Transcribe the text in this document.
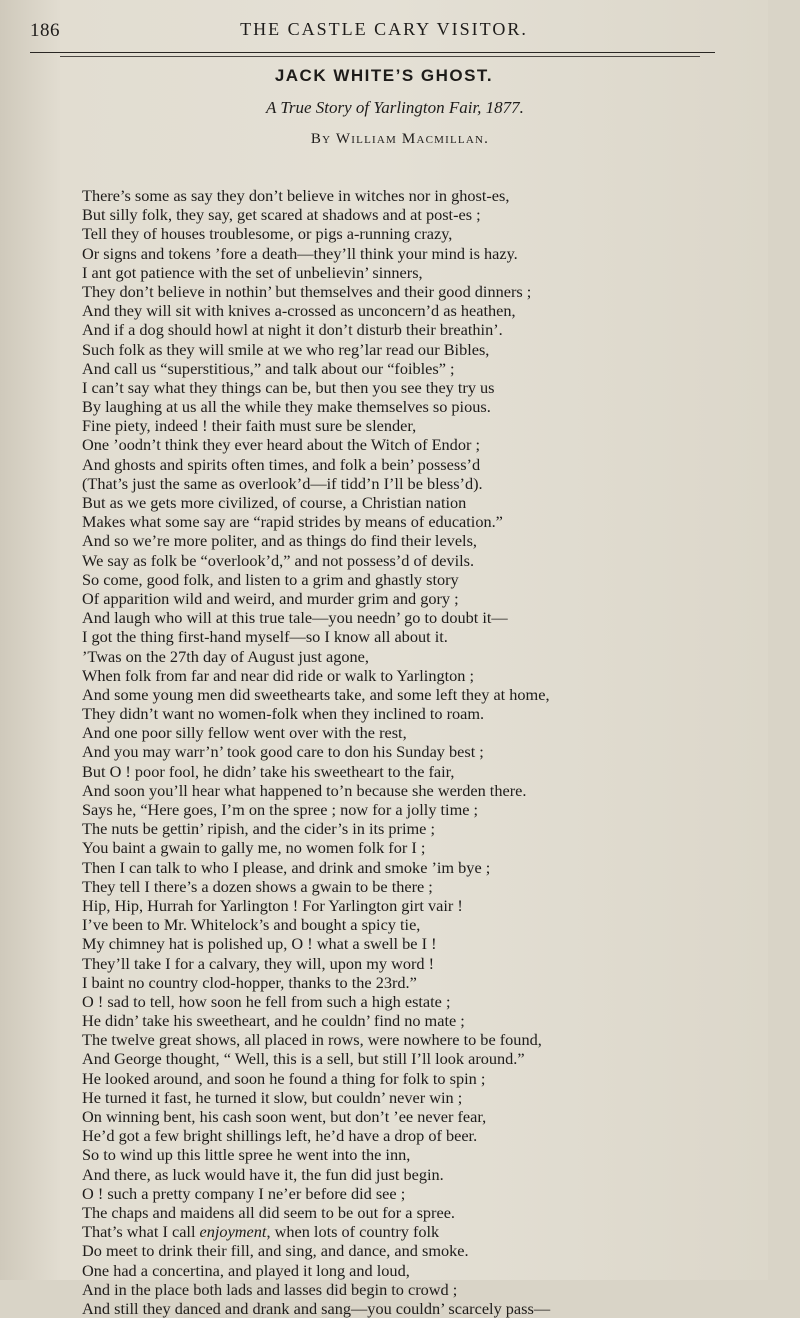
186	THE CASTLE CARY VISITOR.
JACK WHITE’S GHOST.
A True Story of Yarlington Fair, 1877.
By William Macmillan.
There’s some as say they don’t believe in witches nor in ghost-es,
But silly folk, they say, get scared at shadows and at post-es ;
Tell they of houses troublesome, or pigs a-running crazy,
Or signs and tokens ’fore a death—they’ll think your mind is hazy.
I ant got patience with the set of unbelievin’ sinners,
They don’t believe in nothin’ but themselves and their good dinners ;
And they will sit with knives a-crossed as unconcern’d as heathen,
And if a dog should howl at night it don’t disturb their breathin’.
Such folk as they will smile at we who reg’lar read our Bibles,
And call us “superstitious,” and talk about our “foibles” ;
I can’t say what they things can be, but then you see they try us
By laughing at us all the while they make themselves so pious.
Fine piety, indeed ! their faith must sure be slender,
One ’oodn’t think they ever heard about the Witch of Endor ;
And ghosts and spirits often times, and folk a bein’ possess’d
(That’s just the same as overlook’d—if tidd’n I’ll be bless’d).
But as we gets more civilized, of course, a Christian nation
Makes what some say are “rapid strides by means of education.”
And so we’re more politer, and as things do find their levels,
We say as folk be “overlook’d,” and not possess’d of devils.
So come, good folk, and listen to a grim and ghastly story
Of apparition wild and weird, and murder grim and gory ;
And laugh who will at this true tale—you needn’ go to doubt it—
I got the thing first-hand myself—so I know all about it.
’Twas on the 27th day of August just agone,
When folk from far and near did ride or walk to Yarlington ;
And some young men did sweethearts take, and some left they at home,
They didn’t want no women-folk when they inclined to roam.
And one poor silly fellow went over with the rest,
And you may warr’n’ took good care to don his Sunday best ;
But O ! poor fool, he didn’ take his sweetheart to the fair,
And soon you’ll hear what happened to’n because she werden there.
Says he, “Here goes, I’m on the spree ; now for a jolly time ;
The nuts be gettin’ ripish, and the cider’s in its prime ;
You baint a gwain to gally me, no women folk for I ;
Then I can talk to who I please, and drink and smoke ’im bye ;
They tell I there’s a dozen shows a gwain to be there ;
Hip, Hip, Hurrah for Yarlington ! For Yarlington girt vair !
I’ve been to Mr. Whitelock’s and bought a spicy tie,
My chimney hat is polished up, O ! what a swell be I !
They’ll take I for a calvary, they will, upon my word !
I baint no country clod-hopper, thanks to the 23rd.”
O ! sad to tell, how soon he fell from such a high estate ;
He didn’ take his sweetheart, and he couldn’ find no mate ;
The twelve great shows, all placed in rows, were nowhere to be found,
And George thought, “ Well, this is a sell, but still I’ll look around.”
He looked around, and soon he found a thing for folk to spin ;
He turned it fast, he turned it slow, but couldn’ never win ;
On winning bent, his cash soon went, but don’t ’ee never fear,
He’d got a few bright shillings left, he’d have a drop of beer.
So to wind up this little spree he went into the inn,
And there, as luck would have it, the fun did just begin.
O ! such a pretty company I ne’er before did see ;
The chaps and maidens all did seem to be out for a spree.
That’s what I call enjoyment, when lots of country folk
Do meet to drink their fill, and sing, and dance, and smoke.
One had a concertina, and played it long and loud,
And in the place both lads and lasses did begin to crowd ;
And still they danced and drank and sang—you couldn’ scarcely pass—
